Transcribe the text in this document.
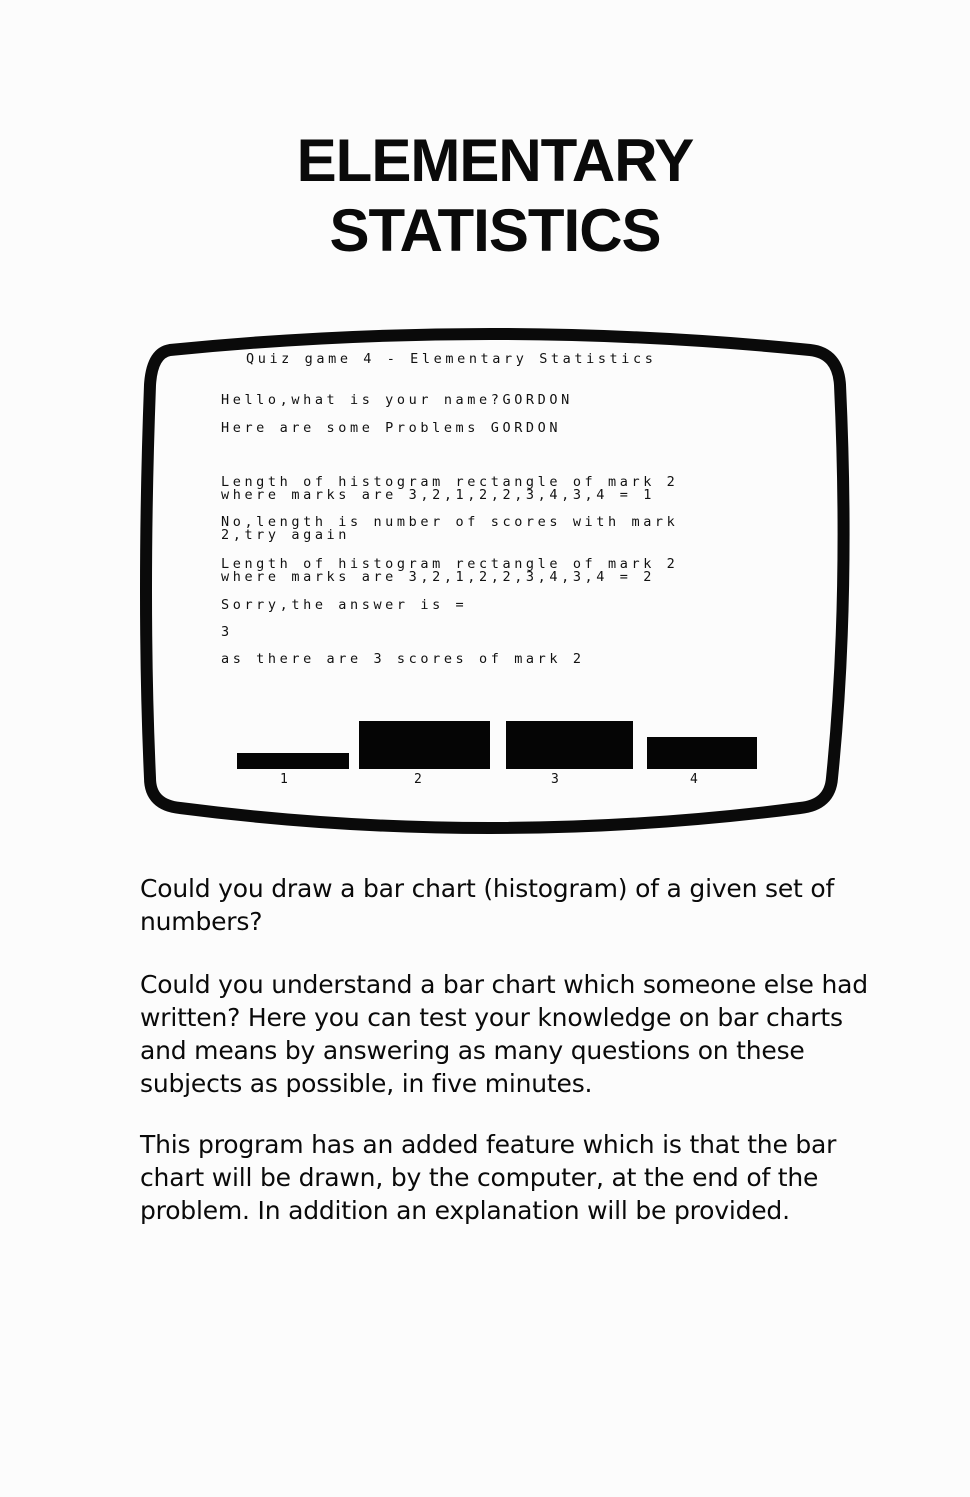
ELEMENTARY
STATISTICS
Quiz game 4 - Elementary Statistics
Hello,what is your name?GORDON
Here are some Problems GORDON
Length of histogram rectangle of mark 2
where marks are 3,2,1,2,2,3,4,3,4 = 1
No,length is number of scores with mark
2,try again
Length of histogram rectangle of mark 2
where marks are 3,2,1,2,2,3,4,3,4 = 2
Sorry,the answer is =
3
as there are 3 scores of mark 2
1	2	3	4

Could you draw a bar chart (histogram) of a given set of numbers?

Could you understand a bar chart which someone else had written? Here you can test your knowledge on bar charts and means by answering as many questions on these subjects as possible, in five minutes.

This program has an added feature which is that the bar chart will be drawn, by the computer, at the end of the problem. In addition an explanation will be provided.
